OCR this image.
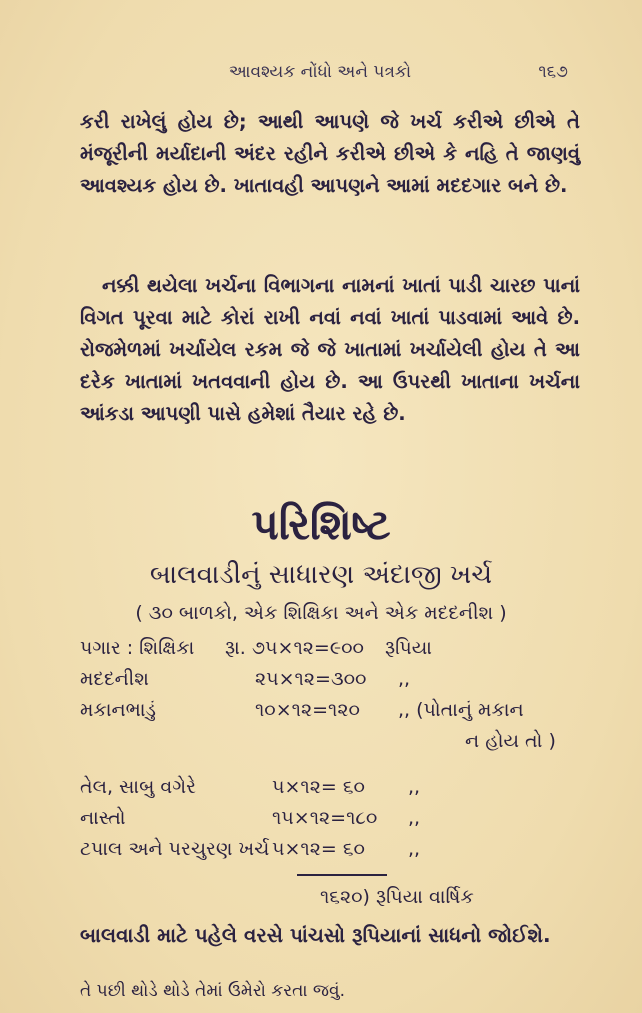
આવશ્યક નોંધો અને પત્રકો	૧૬૭
કરી રાખેલું હોય છે; આથી આપણે જે ખર્ચ કરીએ છીએ તે મંજૂરીની મર્યાદાની અંદર રહીને કરીએ છીએ કે નહિ તે જાણવું આવશ્યક હોય છે. ખાતાવહી આપણને આમાં મદદગાર બને છે.
નક્કી થયેલા ખર્ચના વિભાગના નામનાં ખાતાં પાડી ચારછ પાનાં વિગત પૂરવા માટે કોરાં રાખી નવાં નવાં ખાતાં પાડવામાં આવે છે. રોજમેળમાં ખર્ચાયેલ રકમ જે જે ખાતામાં ખર્ચાયેલી હોય તે આ દરેક ખાતામાં ખતવવાની હોય છે. આ ઉપરથી ખાતાના ખર્ચના આંકડા આપણી પાસે હમેશાં તૈયાર રહે છે.
પરિશિષ્ટ
બાલવાડીનું સાધારણ અંદાજી ખર્ચ
( ૩૦ બાળકો, એક શિક્ષિકા અને એક મદદનીશ )
પગાર : શિક્ષિકા રૂા. ૭૫×૧૨=૯૦૦ રૂપિયા
મદદનીશ	૨૫×૧૨=૩૦૦ ,,
મકાનભાડું	૧૦×૧૨=૧૨૦ ,, (પોતાનું મકાન
ન હોય તો )
તેલ, સાબુ વગેરે	૫×૧૨= ૬૦ ,,
નાસ્તો	૧૫×૧૨=૧૮૦ ,,
ટપાલ અને પરચુરણ ખર્ચ ૫×૧૨= ૬૦ ,,
૧૬૨૦) રૂપિયા વાર્ષિક
બાલવાડી માટે પહેલે વરસે પાંચસો રૂપિયાનાં સાધનો જોઈશે.
તે પછી થોડે થોડે તેમાં ઉમેરો કરતા જવું.
